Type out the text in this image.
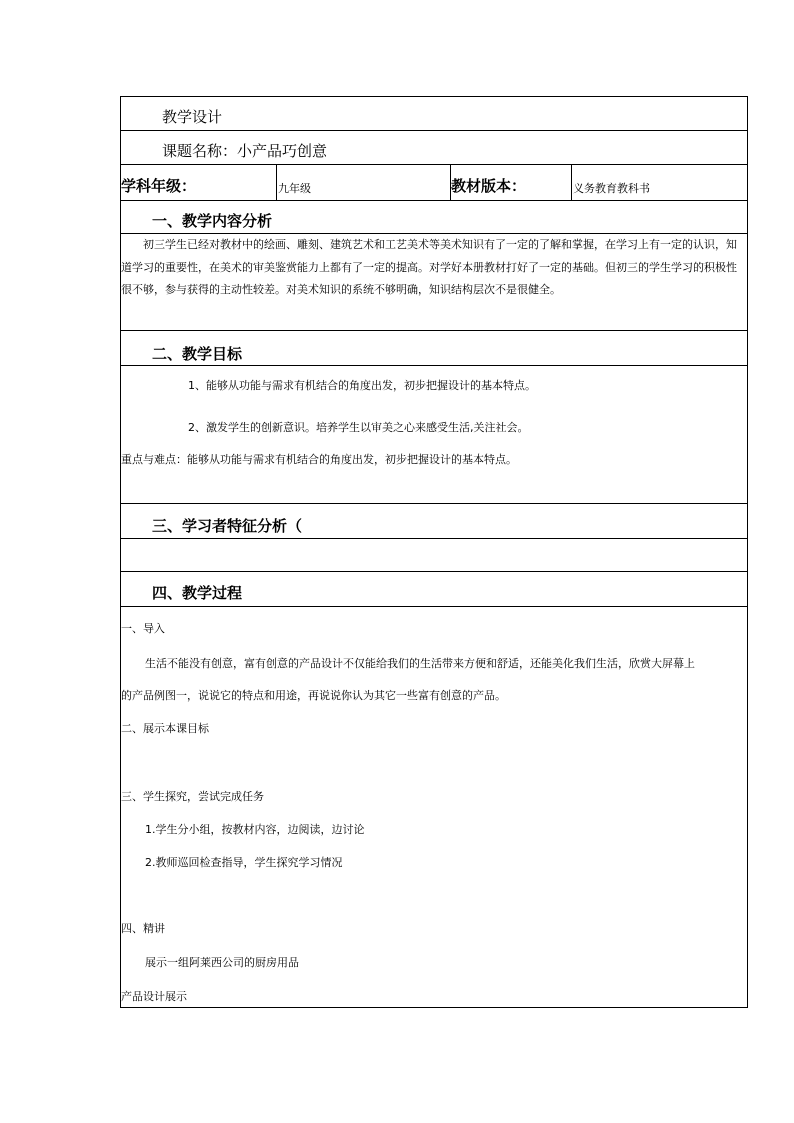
教学设计
课题名称：小产品巧创意
学科年级：	九年级	教材版本：	义务教育教科书
一、教学内容分析
初三学生已经对教材中的绘画、雕刻、建筑艺术和工艺美术等美术知识有了一定的了解和掌握，在学习上有一定的认识，知道学习的重要性，在美术的审美鉴赏能力上都有了一定的提高。对学好本册教材打好了一定的基础。但初三的学生学习的积极性很不够，参与获得的主动性较差。对美术知识的系统不够明确，知识结构层次不是很健全。
二、教学目标
1、能够从功能与需求有机结合的角度出发，初步把握设计的基本特点。
2、激发学生的创新意识。培养学生以审美之心来感受生活,关注社会。
重点与难点：能够从功能与需求有机结合的角度出发，初步把握设计的基本特点。
三、学习者特征分析（
四、教学过程
一、导入
生活不能没有创意，富有创意的产品设计不仅能给我们的生活带来方便和舒适，还能美化我们生活，欣赏大屏幕上
的产品例图一，说说它的特点和用途，再说说你认为其它一些富有创意的产品。
二、展示本课目标
三、学生探究，尝试完成任务
1.学生分小组，按教材内容，边阅读，边讨论
2.教师巡回检查指导，学生探究学习情况
四、精讲
展示一组阿莱西公司的厨房用品
产品设计展示
